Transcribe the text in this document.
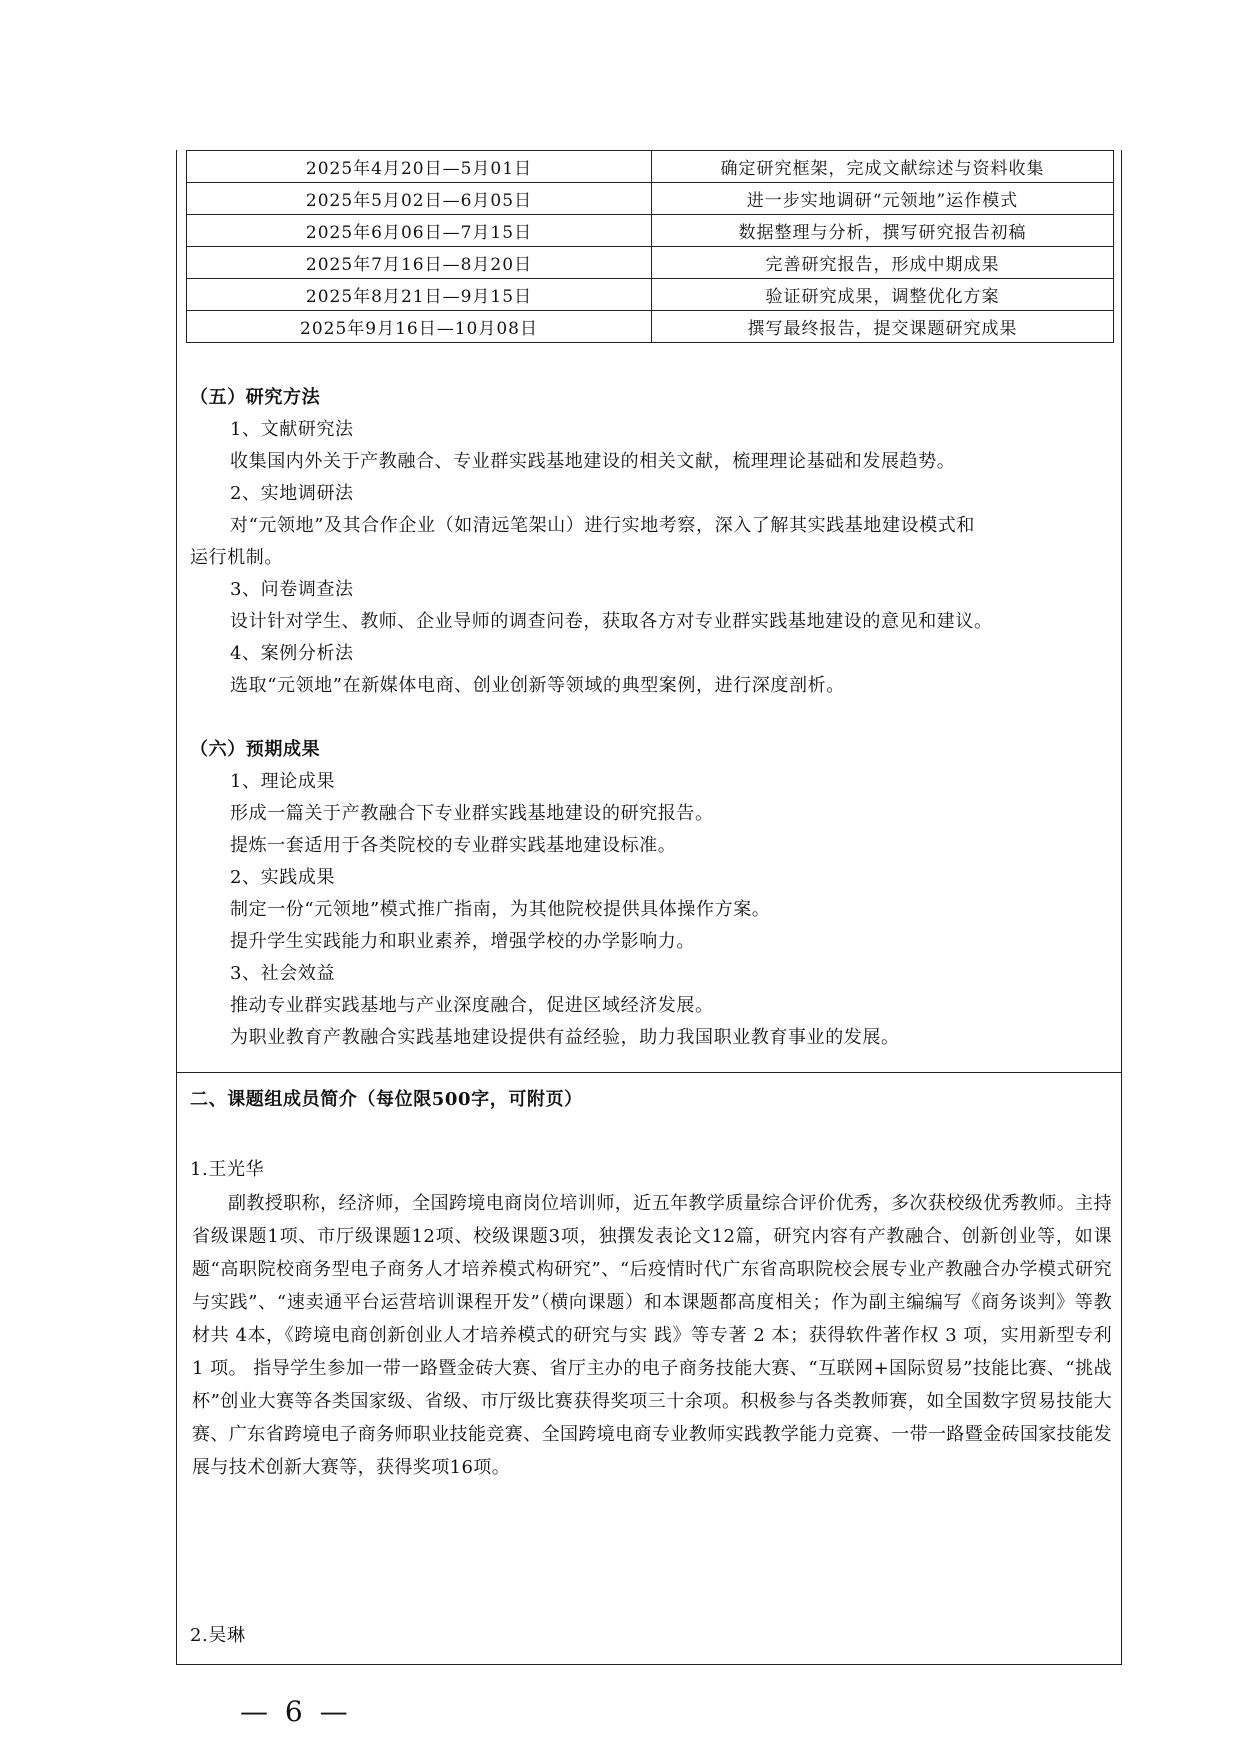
2025年4月20日—5月01日	确定研究框架，完成文献综述与资料收集
2025年5月02日—6月05日	进一步实地调研“元领地”运作模式
2025年6月06日—7月15日	数据整理与分析，撰写研究报告初稿
2025年7月16日—8月20日	完善研究报告，形成中期成果
2025年8月21日—9月15日	验证研究成果，调整优化方案
2025年9月16日—10月08日	撰写最终报告，提交课题研究成果
（五）研究方法
1、文献研究法
收集国内外关于产教融合、专业群实践基地建设的相关文献，梳理理论基础和发展趋势。
2、实地调研法
对“元领地”及其合作企业（如清远笔架山）进行实地考察，深入了解其实践基地建设模式和
运行机制。
3、问卷调查法
设计针对学生、教师、企业导师的调查问卷，获取各方对专业群实践基地建设的意见和建议。
4、案例分析法
选取“元领地”在新媒体电商、创业创新等领域的典型案例，进行深度剖析。
（六）预期成果
1、理论成果
形成一篇关于产教融合下专业群实践基地建设的研究报告。
提炼一套适用于各类院校的专业群实践基地建设标准。
2、实践成果
制定一份“元领地”模式推广指南，为其他院校提供具体操作方案。
提升学生实践能力和职业素养，增强学校的办学影响力。
3、社会效益
推动专业群实践基地与产业深度融合，促进区域经济发展。
为职业教育产教融合实践基地建设提供有益经验，助力我国职业教育事业的发展。
二、课题组成员简介（每位限500字，可附页）
1.王光华
副教授职称，经济师，全国跨境电商岗位培训师，近五年教学质量综合评价优秀，多次获校级优秀教师。主持省级课题1项、市厅级课题12项、校级课题3项，独撰发表论文12篇，研究内容有产教融合、创新创业等，如课题“高职院校商务型电子商务人才培养模式构研究”、“后疫情时代广东省高职院校会展专业产教融合办学模式研究与实践”、“速卖通平台运营培训课程开发”（横向课题）和本课题都高度相关；作为副主编编写《商务谈判》等教材共 4本，《跨境电商创新创业人才培养模式的研究与实 践》等专著 2 本；获得软件著作权 3 项，实用新型专利 1 项。 指导学生参加一带一路暨金砖大赛、省厅主办的电子商务技能大赛、“互联网+国际贸易”技能比赛、“挑战杯”创业大赛等各类国家级、省级、市厅级比赛获得奖项三十余项。积极参与各类教师赛，如全国数字贸易技能大赛、广东省跨境电子商务师职业技能竞赛、全国跨境电商专业教师实践教学能力竞赛、一带一路暨金砖国家技能发展与技术创新大赛等，获得奖项16项。
2.吴琳
— 6 —
